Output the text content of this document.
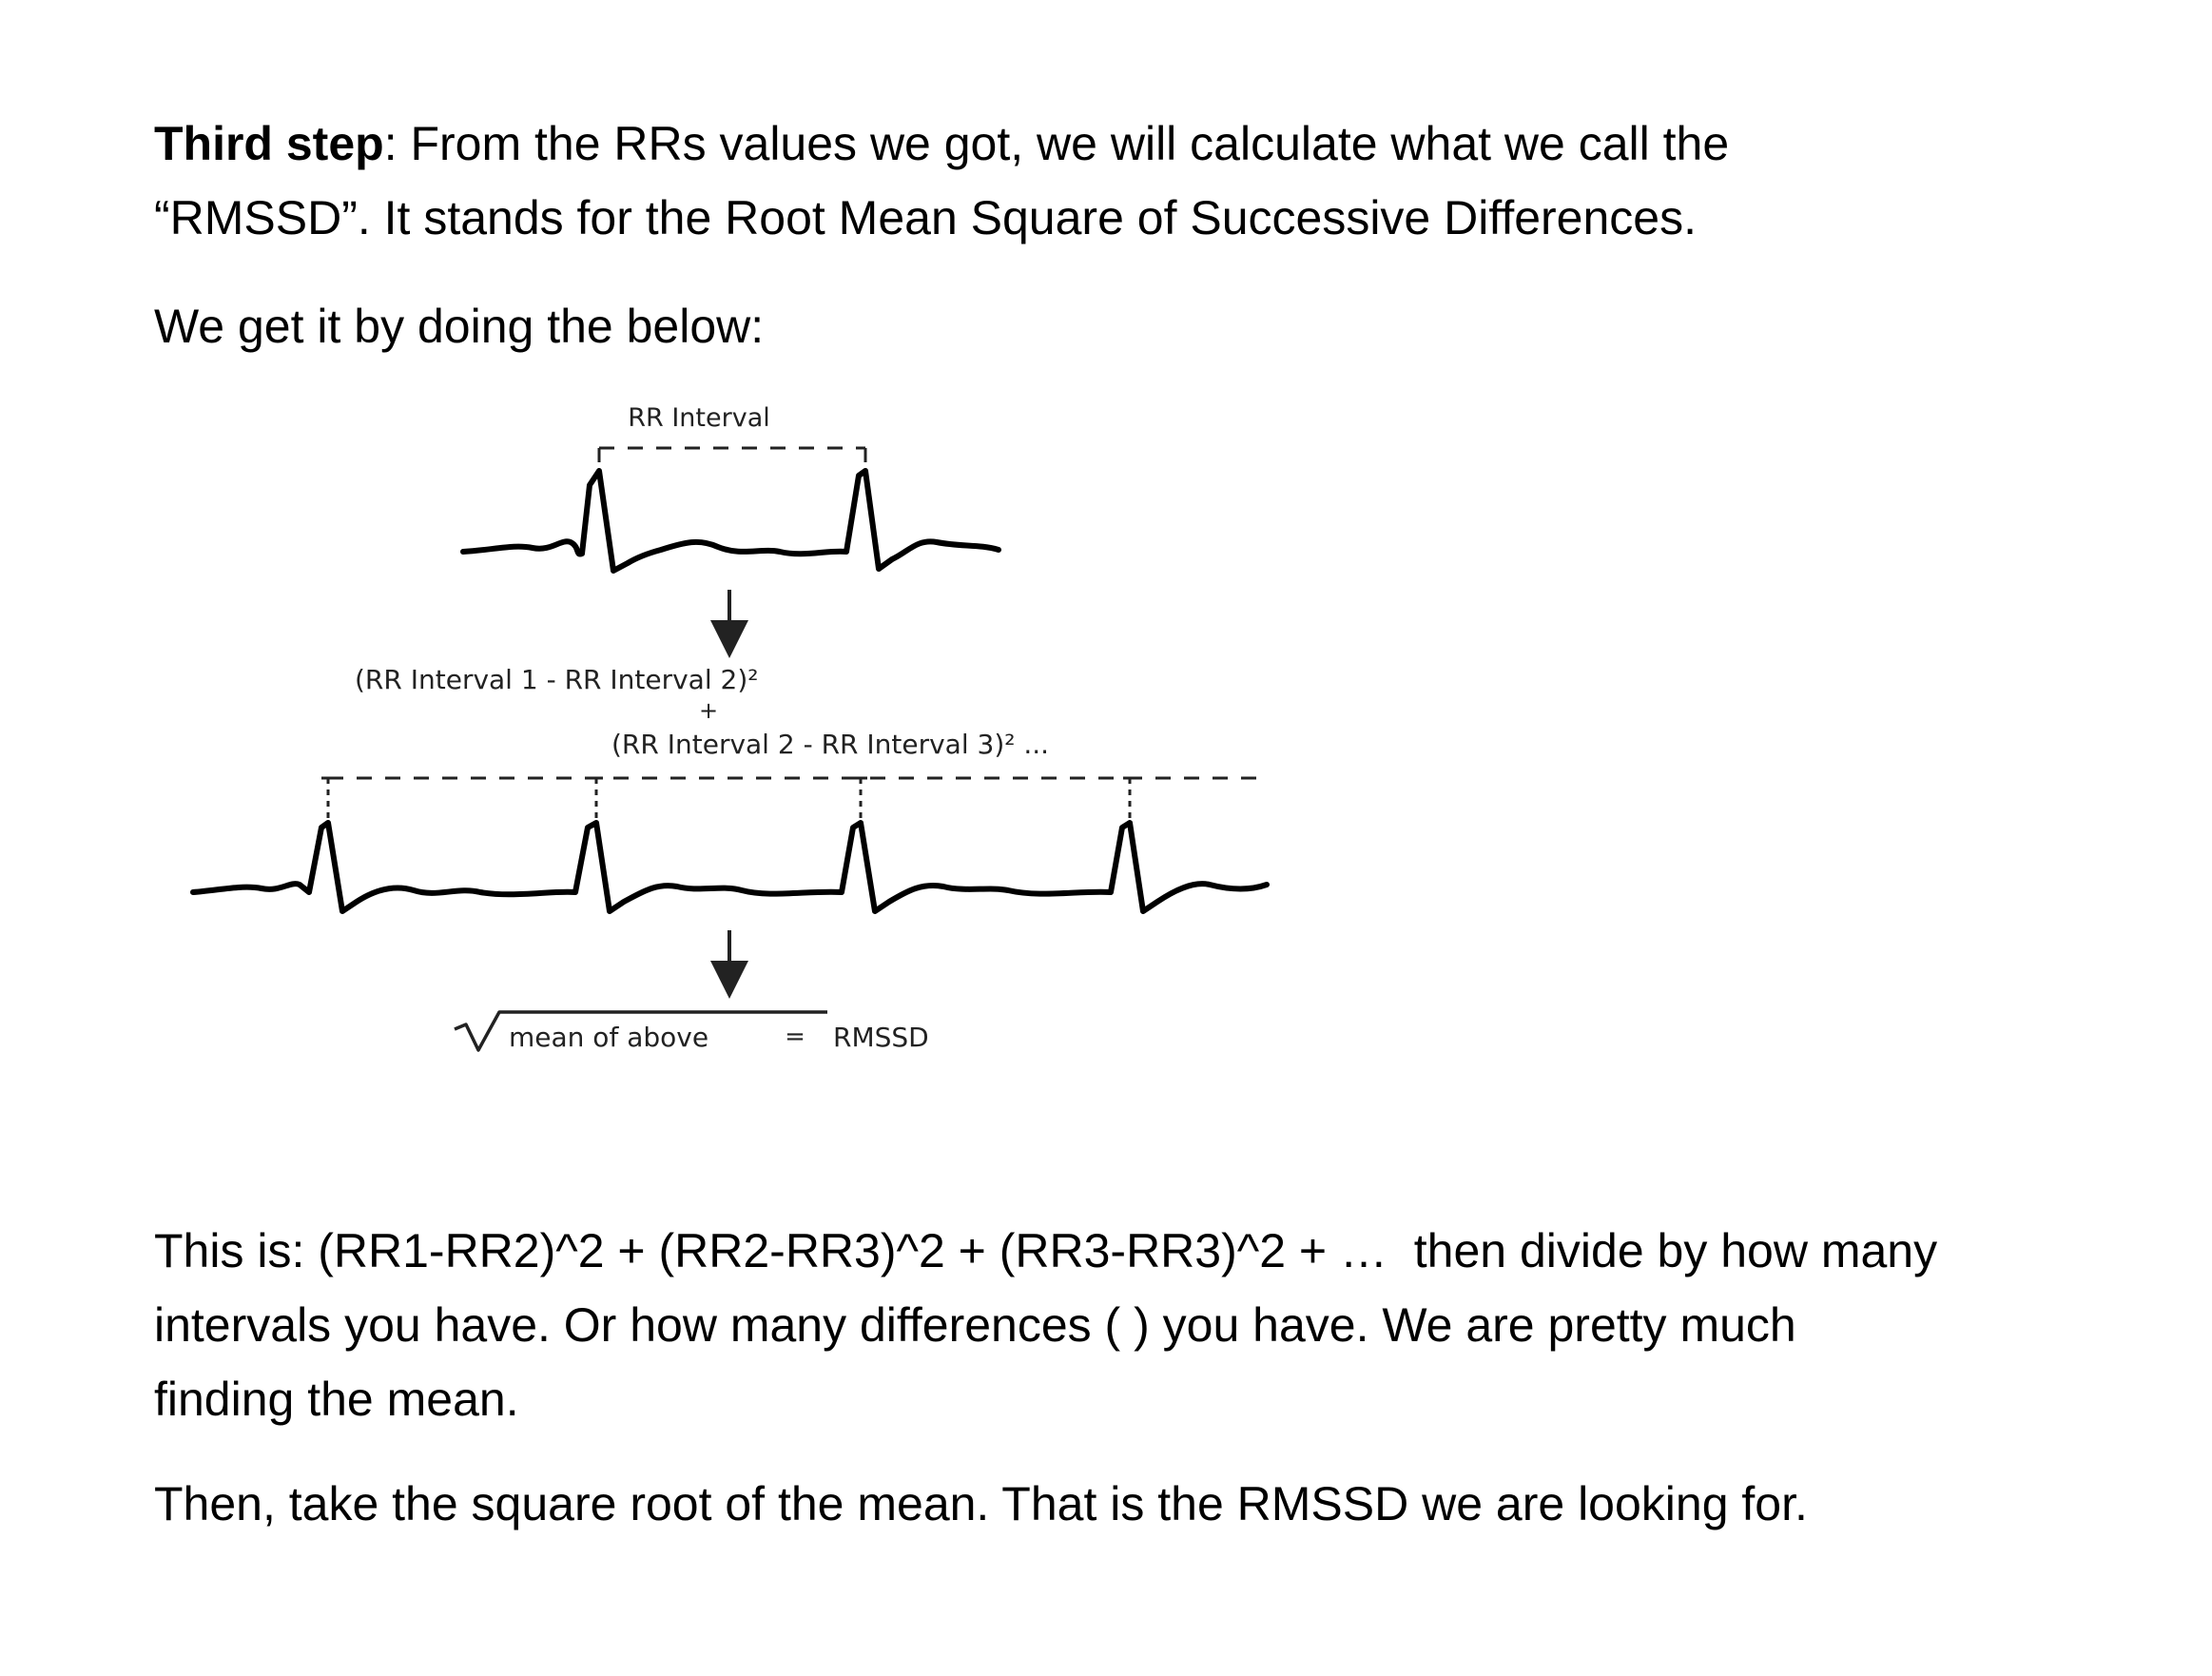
Third step: From the RRs values we got, we will calculate what we call the
“RMSSD”. It stands for the Root Mean Square of Successive Differences.
We get it by doing the below:
RR Interval
(RR Interval 1 - RR Interval 2)²
+
(RR Interval 2 - RR Interval 3)² ...
mean of above	= RMSSD
This is: (RR1-RR2)^2 + (RR2-RR3)^2 + (RR3-RR3)^2 + …  then divide by how many
intervals you have. Or how many differences ( ) you have. We are pretty much
finding the mean.
Then, take the square root of the mean. That is the RMSSD we are looking for.
